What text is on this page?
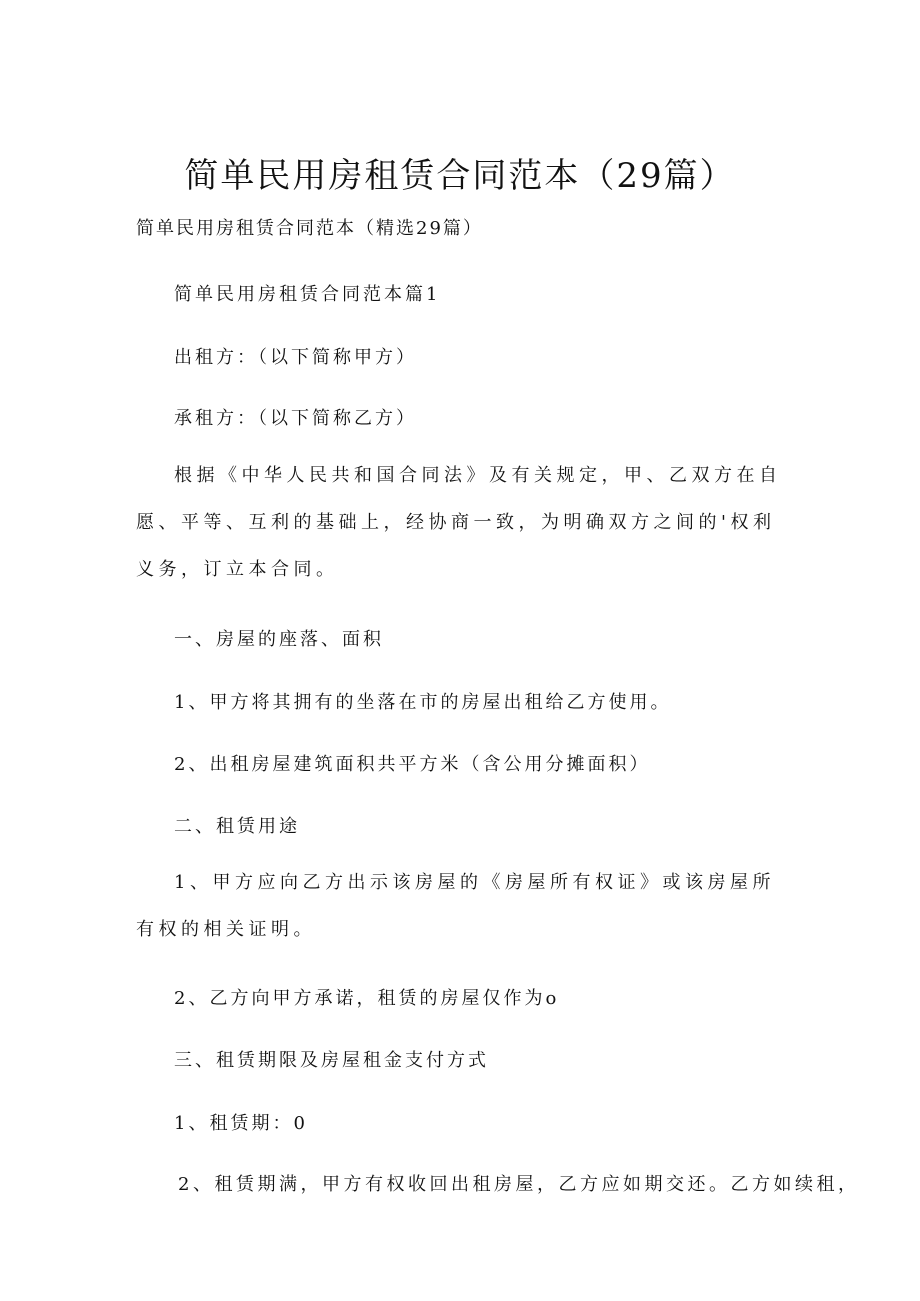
简单民用房租赁合同范本（29篇）
简单民用房租赁合同范本（精选29篇）
简单民用房租赁合同范本篇1
出租方：（以下简称甲方）
承租方：（以下简称乙方）
根据《中华人民共和国合同法》及有关规定，甲、乙双方在自愿、平等、互利的基础上，经协商一致，为明确双方之间的'权利义务，订立本合同。
一、房屋的座落、面积
1、甲方将其拥有的坐落在市的房屋出租给乙方使用。
2、出租房屋建筑面积共平方米（含公用分摊面积）
二、租赁用途
1、甲方应向乙方出示该房屋的《房屋所有权证》或该房屋所有权的相关证明。
2、乙方向甲方承诺，租赁的房屋仅作为o
三、租赁期限及房屋租金支付方式
1、租赁期：0
2、租赁期满，甲方有权收回出租房屋，乙方应如期交还。乙方如续租，
